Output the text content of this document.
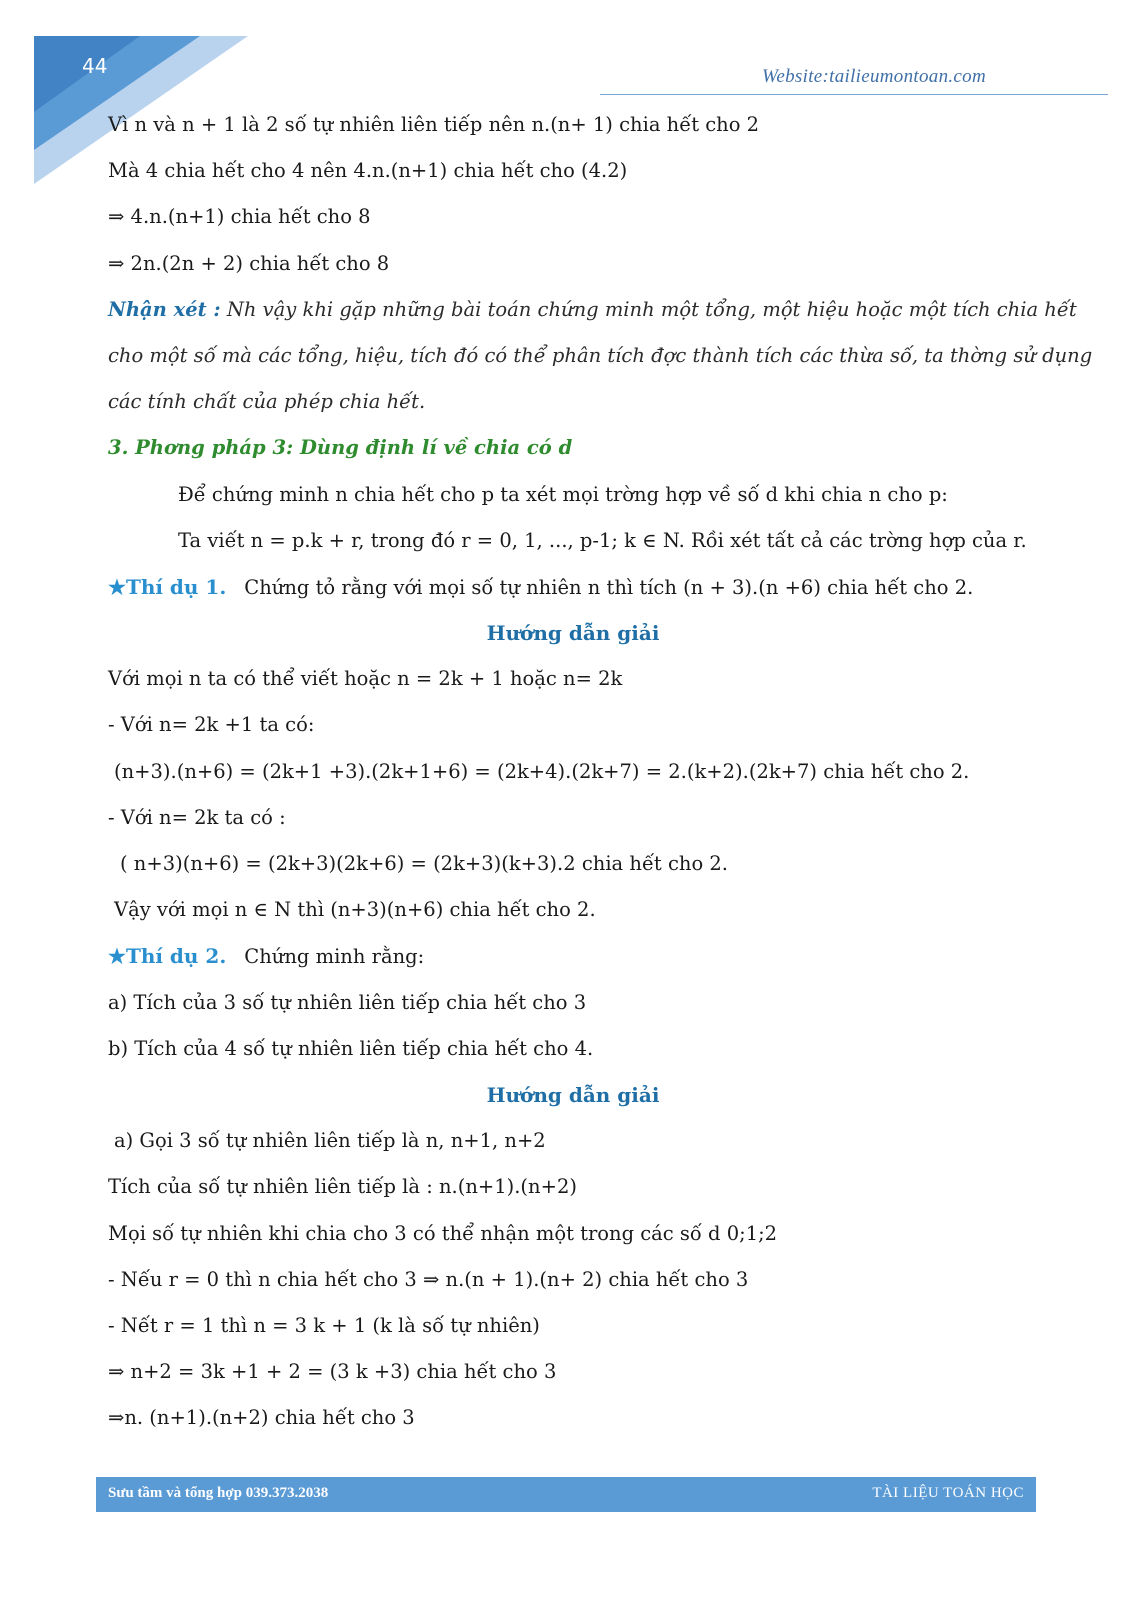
44	Website:tailieumontoan.com
Vì n và n + 1 là 2 số tự nhiên liên tiếp nên n.(n+ 1) chia hết cho 2
Mà 4 chia hết cho 4 nên 4.n.(n+1) chia hết cho (4.2)
⇒ 4.n.(n+1) chia hết cho 8
⇒ 2n.(2n + 2) chia hết cho 8
Nhận xét : Nh vậy khi gặp những bài toán chứng minh một tổng, một hiệu hoặc một tích chia hết
cho một số mà các tổng, hiệu, tích đó có thể phân tích đợc thành tích các thừa số, ta thờng sử dụng
các tính chất của phép chia hết.
3. Phơng pháp 3: Dùng định lí về chia có d
Để chứng minh n chia hết cho p ta xét mọi trờng hợp về số d khi chia n cho p:
Ta viết n = p.k + r, trong đó r = 0, 1, ..., p-1; k ∈ N. Rồi xét tất cả các trờng hợp của r.
★Thí dụ 1. Chứng tỏ rằng với mọi số tự nhiên n thì tích (n + 3).(n +6) chia hết cho 2.
Hướng dẫn giải
Với mọi n ta có thể viết hoặc n = 2k + 1 hoặc n= 2k
- Với n= 2k +1 ta có:
(n+3).(n+6) = (2k+1 +3).(2k+1+6) = (2k+4).(2k+7) = 2.(k+2).(2k+7) chia hết cho 2.
- Với n= 2k ta có :
( n+3)(n+6) = (2k+3)(2k+6) = (2k+3)(k+3).2 chia hết cho 2.
Vậy với mọi n ∈ N thì (n+3)(n+6) chia hết cho 2.
★Thí dụ 2. Chứng minh rằng:
a) Tích của 3 số tự nhiên liên tiếp chia hết cho 3
b) Tích của 4 số tự nhiên liên tiếp chia hết cho 4.
Hướng dẫn giải
a) Gọi 3 số tự nhiên liên tiếp là n, n+1, n+2
Tích của số tự nhiên liên tiếp là : n.(n+1).(n+2)
Mọi số tự nhiên khi chia cho 3 có thể nhận một trong các số d 0;1;2
- Nếu r = 0 thì n chia hết cho 3 ⇒ n.(n + 1).(n+ 2) chia hết cho 3
- Nết r = 1 thì n = 3 k + 1 (k là số tự nhiên)
⇒ n+2 = 3k +1 + 2 = (3 k +3) chia hết cho 3
⇒n. (n+1).(n+2) chia hết cho 3
Sưu tầm và tổng hợp 039.373.2038	TÀI LIỆU TOÁN HỌC
